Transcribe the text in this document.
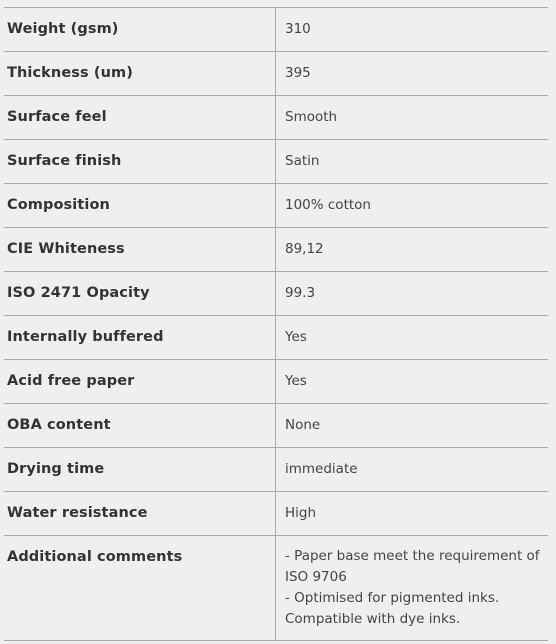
Weight (gsm)	310

Thickness (um)	395

Surface feel	Smooth

Surface finish	Satin

Composition	100% cotton

CIE Whiteness	89,12

ISO 2471 Opacity	99.3

Internally buffered	Yes

Acid free paper	Yes

OBA content	None

Drying time	immediate

Water resistance	High

Additional comments	- Paper base meet the requirement of ISO 9706
- Optimised for pigmented inks. Compatible with dye inks.
